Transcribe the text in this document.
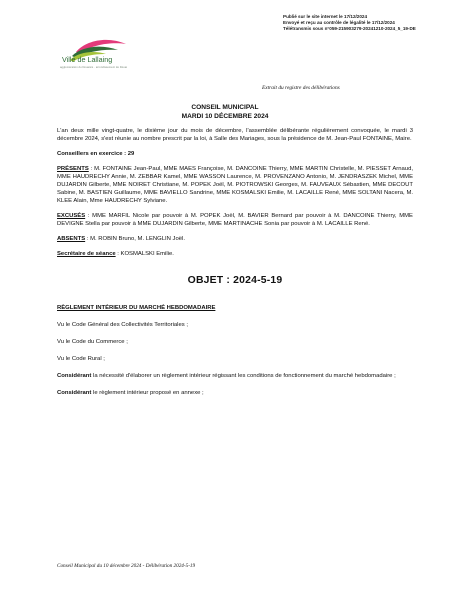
Publié sur le site internet le 17/12/2024
Envoyé et reçu au contrôle de légalité le 17/12/2024
Télétransmis sous n°059-215903279-20241210-2024_5_19-DE
Ville de Lallaing
agglomération du Douaisis · arrondissement de Douai
Extrait du registre des délibérations
CONSEIL MUNICIPAL
MARDI 10 DÉCEMBRE 2024

L'an deux mille vingt-quatre, le dixième jour du mois de décembre, l'assemblée délibérante régulièrement convoquée, le mardi 3 décembre 2024, s'est réunie au nombre prescrit par la loi, à Salle des Mariages, sous la présidence de M. Jean-Paul FONTAINE, Maire.

Conseillers en exercice : 29

PRÉSENTS : M. FONTAINE Jean-Paul, MME MAES Françoise, M. DANCOINE Thierry, MME MARTIN Christelle, M. PIESSET Arnaud, MME HAUDRECHY Annie, M. ZEBBAR Kamel, MME WASSON Laurence, M. PROVENZANO Antonio, M. JENDRASZEK Michel, MME DUJARDIN Gilberte, MME NOIRET Christiane, M. POPEK Joël, M. PIOTROWSKI Georges, M. FAUVEAUX Sébastien, MME DECOUT Sabine, M. BASTIEN Guillaume, MME BAVIELLO Sandrine, MME KOSMALSKI Emilie, M. LACAILLE René, MME SOLTANI Nacera, M. KLEE Alain, Mme HAUDRECHY Sylviane.

EXCUSÉS : MME MARFIL Nicole par pouvoir à M. POPEK Joël, M. BAVIER Bernard par pouvoir à M. DANCOINE Thierry, MME DEVIGNE Stella par pouvoir à MME DUJARDIN Gilberte, MME MARTINACHE Sonia par pouvoir à M. LACAILLE René.

ABSENTS : M. ROBIN Bruno, M. LENGLIN Joël.

Secrétaire de séance : KOSMALSKI Emilie.

OBJET : 2024-5-19

RÈGLEMENT INTÉRIEUR DU MARCHÉ HEBDOMADAIRE

Vu le Code Général des Collectivités Territoriales ;

Vu le Code du Commerce ;

Vu le Code Rural ;

Considérant la nécessité d'élaborer un règlement intérieur régissant les conditions de fonctionnement du marché hebdomadaire ;

Considérant le règlement intérieur proposé en annexe ;

Conseil Municipal du 10 décembre 2024 - Délibération 2024-5-19
